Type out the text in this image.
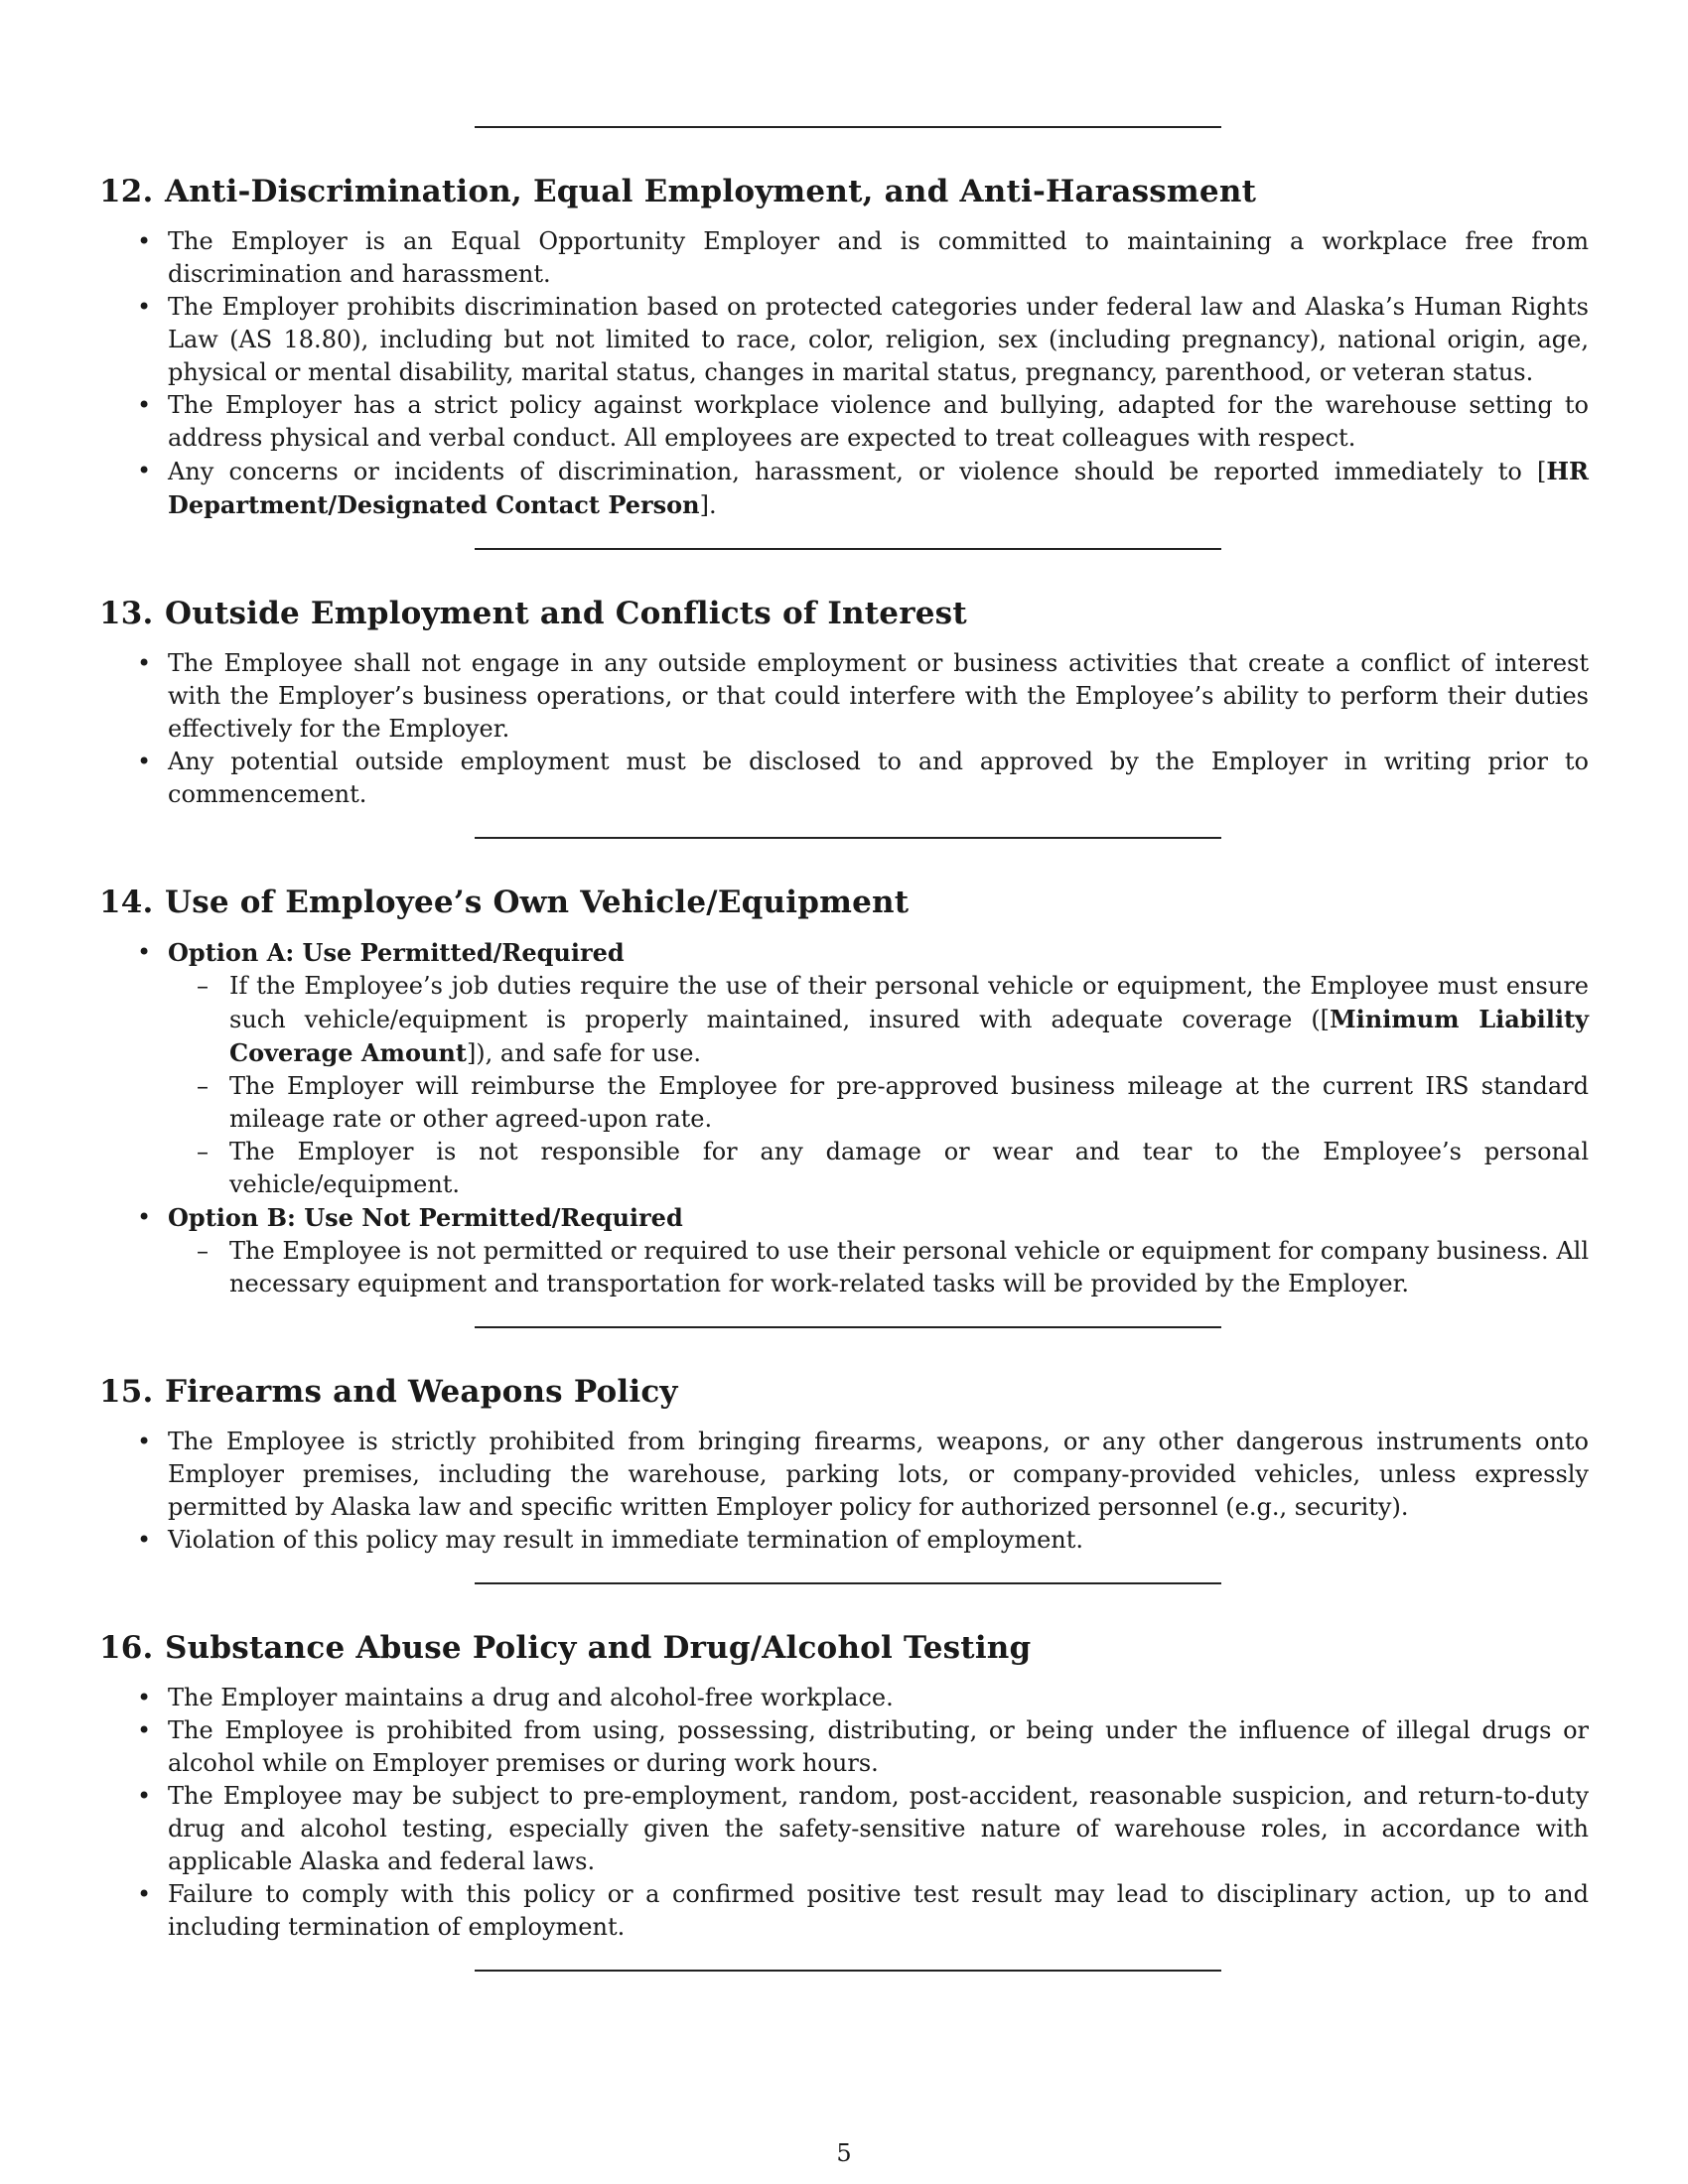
12. Anti-Discrimination, Equal Employment, and Anti-Harassment
• The Employer is an Equal Opportunity Employer and is committed to maintaining a workplace free from discrimination and harassment.
• The Employer prohibits discrimination based on protected categories under federal law and Alaska’s Human Rights Law (AS 18.80), including but not limited to race, color, religion, sex (including pregnancy), national origin, age, physical or mental disability, marital status, changes in marital status, pregnancy, parenthood, or veteran status.
• The Employer has a strict policy against workplace violence and bullying, adapted for the warehouse setting to address physical and verbal conduct. All employees are expected to treat colleagues with respect.
• Any concerns or incidents of discrimination, harassment, or violence should be reported immediately to [HR Department/Designated Contact Person].
13. Outside Employment and Conflicts of Interest
• The Employee shall not engage in any outside employment or business activities that create a conflict of interest with the Employer’s business operations, or that could interfere with the Employee’s ability to perform their duties effectively for the Employer.
• Any potential outside employment must be disclosed to and approved by the Employer in writing prior to commencement.
14. Use of Employee’s Own Vehicle/Equipment
• Option A: Use Permitted/Required
– If the Employee’s job duties require the use of their personal vehicle or equipment, the Employee must ensure such vehicle/equipment is properly maintained, insured with adequate coverage ([Minimum Liability Coverage Amount]), and safe for use.
– The Employer will reimburse the Employee for pre-approved business mileage at the current IRS standard mileage rate or other agreed-upon rate.
– The Employer is not responsible for any damage or wear and tear to the Employee’s personal vehicle/equipment.
• Option B: Use Not Permitted/Required
– The Employee is not permitted or required to use their personal vehicle or equipment for company business. All necessary equipment and transportation for work-related tasks will be provided by the Employer.
15. Firearms and Weapons Policy
• The Employee is strictly prohibited from bringing firearms, weapons, or any other dangerous instruments onto Employer premises, including the warehouse, parking lots, or company-provided vehicles, unless expressly permitted by Alaska law and specific written Employer policy for authorized personnel (e.g., security).
• Violation of this policy may result in immediate termination of employment.
16. Substance Abuse Policy and Drug/Alcohol Testing
• The Employer maintains a drug and alcohol-free workplace.
• The Employee is prohibited from using, possessing, distributing, or being under the influence of illegal drugs or alcohol while on Employer premises or during work hours.
• The Employee may be subject to pre-employment, random, post-accident, reasonable suspicion, and return-to-duty drug and alcohol testing, especially given the safety-sensitive nature of warehouse roles, in accordance with applicable Alaska and federal laws.
• Failure to comply with this policy or a confirmed positive test result may lead to disciplinary action, up to and including termination of employment.
5
